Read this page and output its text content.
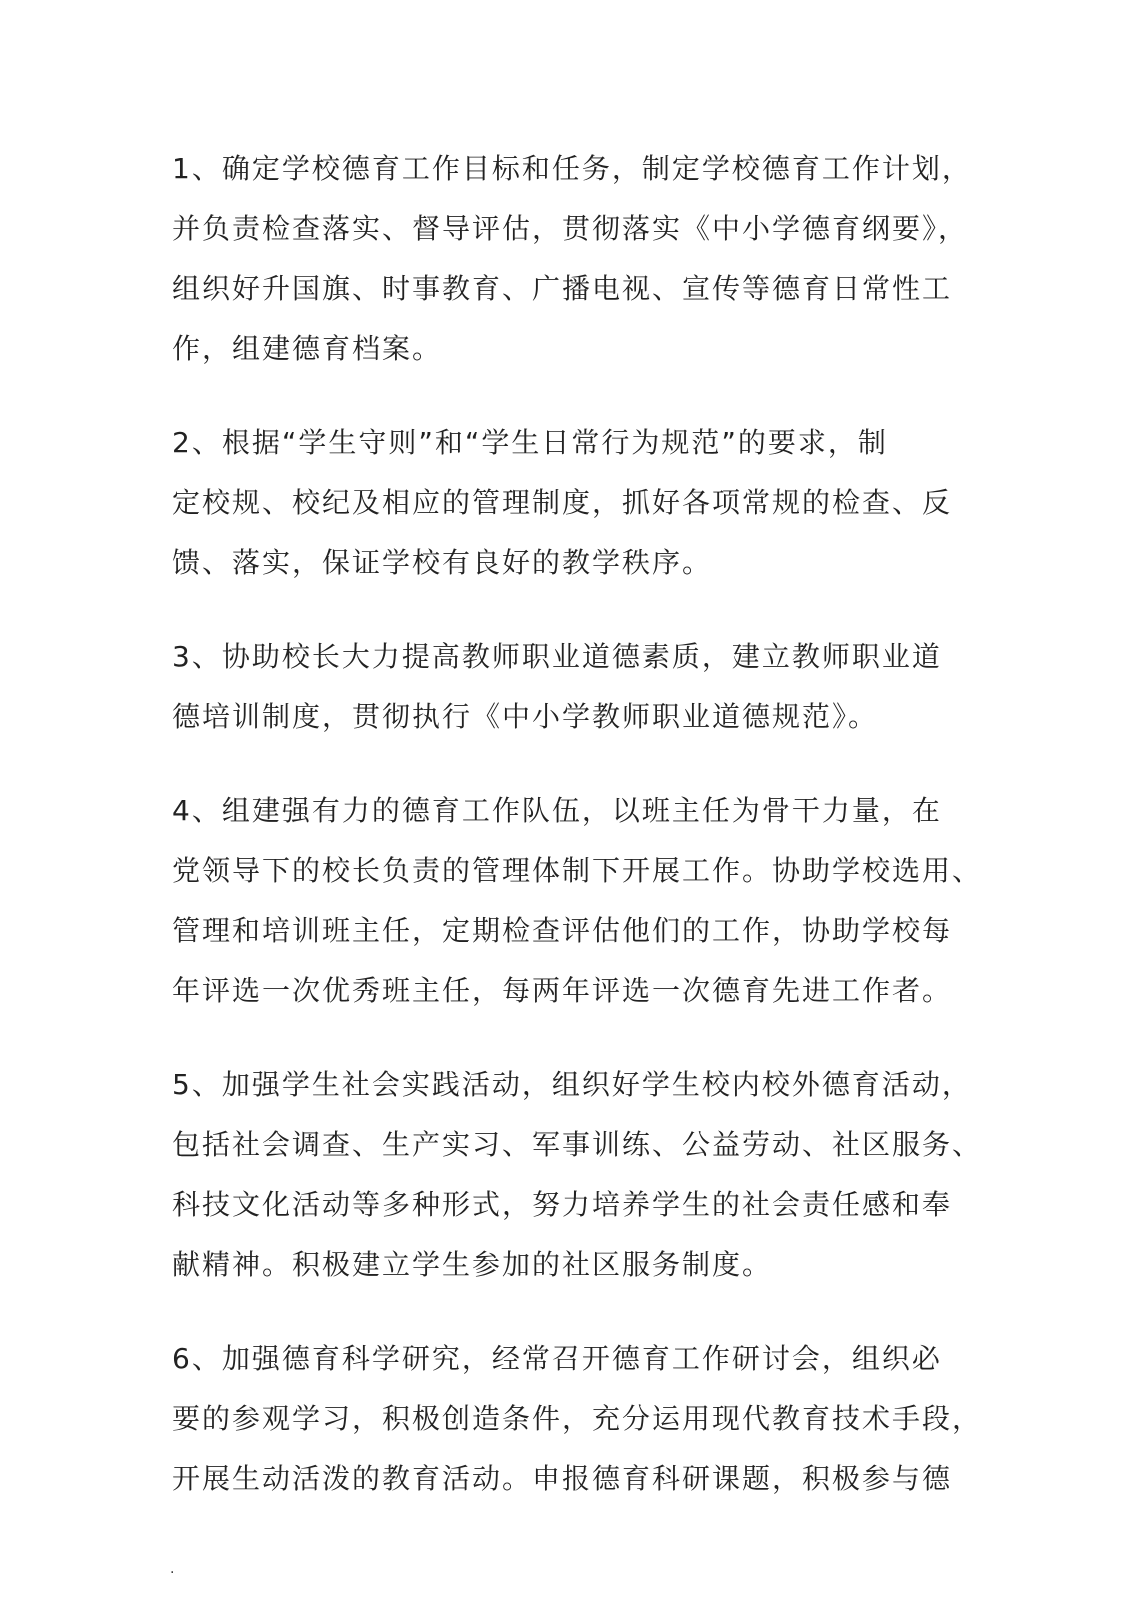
1、确定学校德育工作目标和任务，制定学校德育工作计划，
并负责检查落实、督导评估，贯彻落实《中小学德育纲要》，
组织好升国旗、时事教育、广播电视、宣传等德育日常性工
作，组建德育档案。
2、根据“学生守则”和“学生日常行为规范”的要求，制
定校规、校纪及相应的管理制度，抓好各项常规的检查、反
馈、落实，保证学校有良好的教学秩序。
3、协助校长大力提高教师职业道德素质，建立教师职业道
德培训制度，贯彻执行《中小学教师职业道德规范》。
4、组建强有力的德育工作队伍，以班主任为骨干力量，在
党领导下的校长负责的管理体制下开展工作。协助学校选用、
管理和培训班主任，定期检查评估他们的工作，协助学校每
年评选一次优秀班主任，每两年评选一次德育先进工作者。
5、加强学生社会实践活动，组织好学生校内校外德育活动，
包括社会调查、生产实习、军事训练、公益劳动、社区服务、
科技文化活动等多种形式，努力培养学生的社会责任感和奉
献精神。积极建立学生参加的社区服务制度。
6、加强德育科学研究，经常召开德育工作研讨会，组织必
要的参观学习，积极创造条件，充分运用现代教育技术手段，
开展生动活泼的教育活动。申报德育科研课题，积极参与德
.
